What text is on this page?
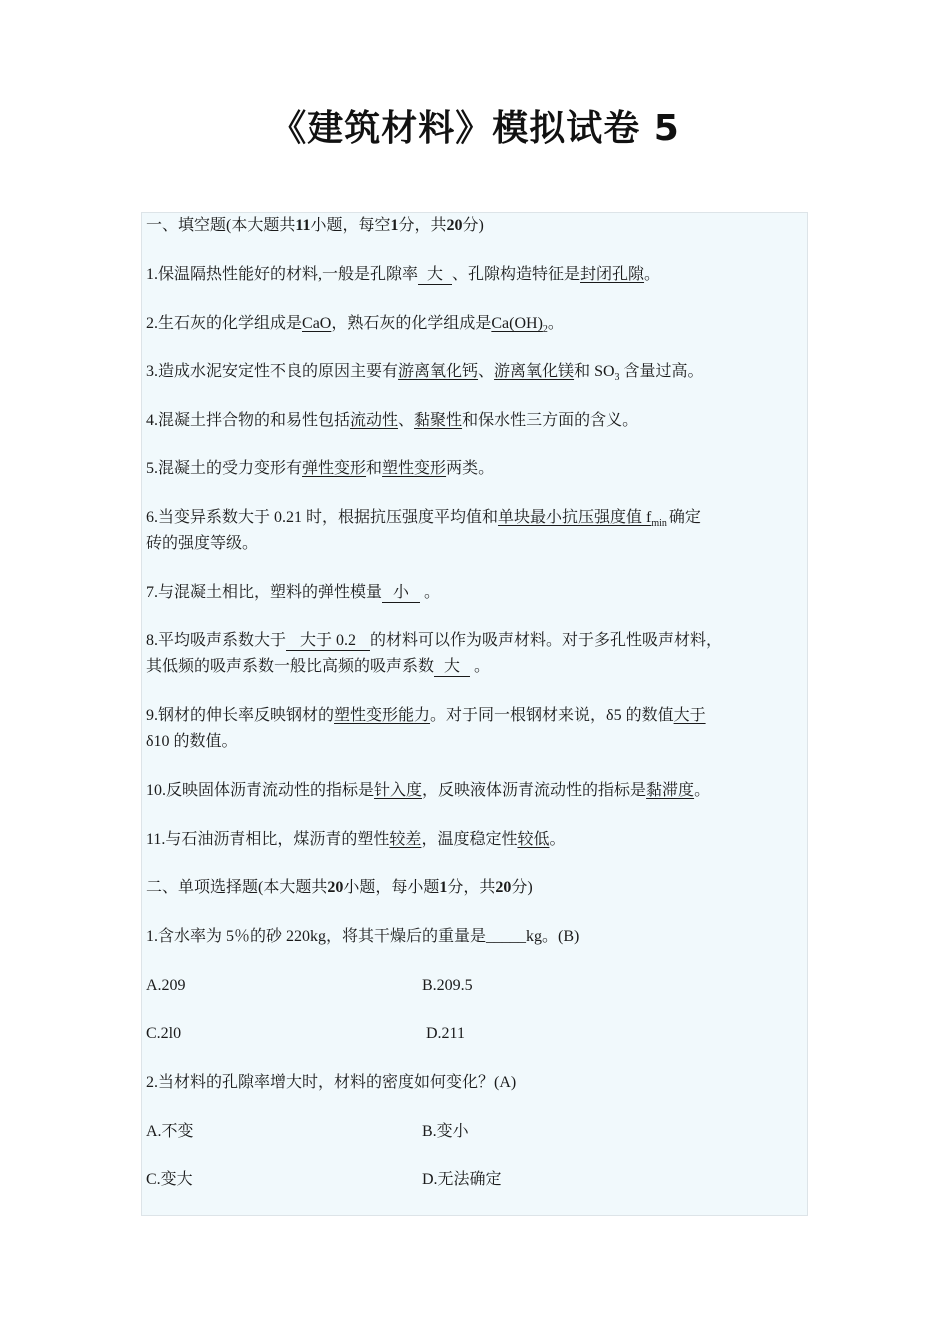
《建筑材料》模拟试卷 5
一、填空题(本大题共11小题，每空1分，共20分)
1.保温隔热性能好的材料,一般是孔隙率 大 、孔隙构造特征是封闭孔隙。
2.生石灰的化学组成是CaO，熟石灰的化学组成是$Ca(OH)_2$。
3.造成水泥安定性不良的原因主要有游离氧化钙、游离氧化镁和 $SO_3$ 含量过高。
4.混凝土拌合物的和易性包括流动性、黏聚性和保水性三方面的含义。
5.混凝土的受力变形有弹性变形和塑性变形两类。
6.当变异系数大于 0.21 时，根据抗压强度平均值和单块最小抗压强度值 $f_{min}$ 确定
砖的强度等级。
7.与混凝土相比，塑料的弹性模量 小 。
8.平均吸声系数大于 大于 0.2 的材料可以作为吸声材料。对于多孔性吸声材料，
其低频的吸声系数一般比高频的吸声系数 大 。
9.钢材的伸长率反映钢材的塑性变形能力。对于同一根钢材来说，δ5 的数值大于
δ10 的数值。
10.反映固体沥青流动性的指标是针入度，反映液体沥青流动性的指标是黏滞度。
11.与石油沥青相比，煤沥青的塑性较差，温度稳定性较低。
二、单项选择题(本大题共20小题，每小题1分，共20分)
1.含水率为 5％的砂 220kg，将其干燥后的重量是_____kg。(B)
A.209	B.209.5
C.2l0	D.211
2.当材料的孔隙率增大时，材料的密度如何变化？(A)
A.不变	B.变小
C.变大	D.无法确定
